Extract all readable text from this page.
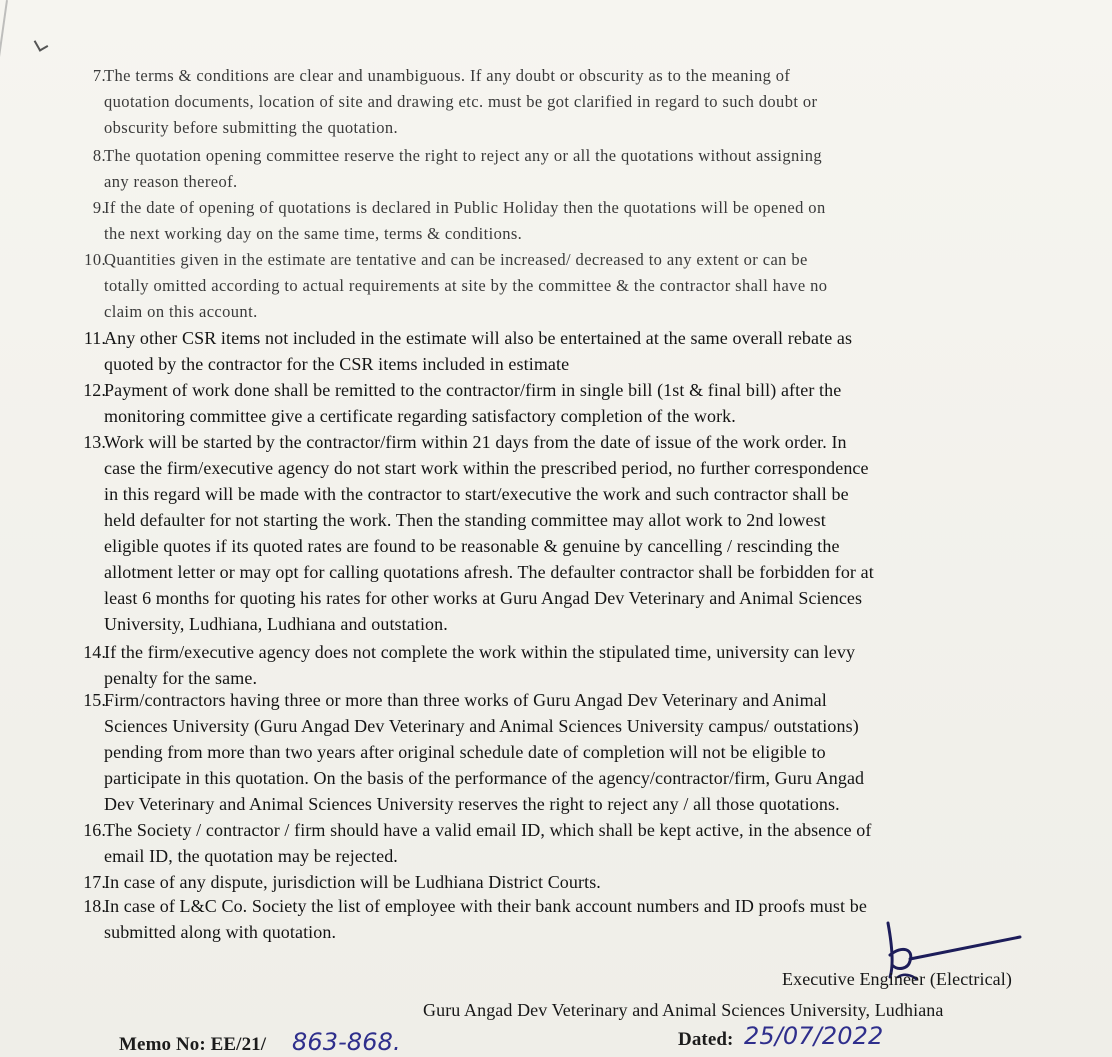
7.
The terms & conditions are clear and unambiguous. If any doubt or obscurity as to the meaning of
quotation documents, location of site and drawing etc. must be got clarified in regard to such doubt or
obscurity before submitting the quotation.
8.
The quotation opening committee reserve the right to reject any or all the quotations without assigning
any reason thereof.
9.
If the date of opening of quotations is declared in Public Holiday then the quotations will be opened on
the next working day on the same time, terms & conditions.
10.
Quantities given in the estimate are tentative and can be increased/ decreased to any extent or can be
totally omitted according to actual requirements at site by the committee & the contractor shall have no
claim on this account.
11.
Any other CSR items not included in the estimate will also be entertained at the same overall rebate as
quoted by the contractor for the CSR items included in estimate
12.
Payment of work done shall be remitted to the contractor/firm in single bill (1st & final bill) after the
monitoring committee give a certificate regarding satisfactory completion of the work.
13.
Work will be started by the contractor/firm within 21 days from the date of issue of the work order. In
case the firm/executive agency do not start work within the prescribed period, no further correspondence
in this regard will be made with the contractor to start/executive the work and such contractor shall be
held defaulter for not starting the work. Then the standing committee may allot work to 2nd lowest
eligible quotes if its quoted rates are found to be reasonable & genuine by cancelling / rescinding the
allotment letter or may opt for calling quotations afresh. The defaulter contractor shall be forbidden for at
least 6 months for quoting his rates for other works at Guru Angad Dev Veterinary and Animal Sciences
University, Ludhiana, Ludhiana and outstation.
14.
If the firm/executive agency does not complete the work within the stipulated time, university can levy
penalty for the same.
15.
Firm/contractors having three or more than three works of Guru Angad Dev Veterinary and Animal
Sciences University (Guru Angad Dev Veterinary and Animal Sciences University campus/ outstations)
pending from more than two years after original schedule date of completion will not be eligible to
participate in this quotation. On the basis of the performance of the agency/contractor/firm, Guru Angad
Dev Veterinary and Animal Sciences University reserves the right to reject any / all those quotations.
16.
The Society / contractor / firm should have a valid email ID, which shall be kept active, in the absence of
email ID, the quotation may be rejected.
17.
In case of any dispute, jurisdiction will be Ludhiana District Courts.
18.
In case of L&C Co. Society the list of employee with their bank account numbers and ID proofs must be
submitted along with quotation.
Executive Engineer (Electrical)
Guru Angad Dev Veterinary and Animal Sciences University, Ludhiana
Memo No: EE/21/ 863-868.	Dated: 25/07/2022
